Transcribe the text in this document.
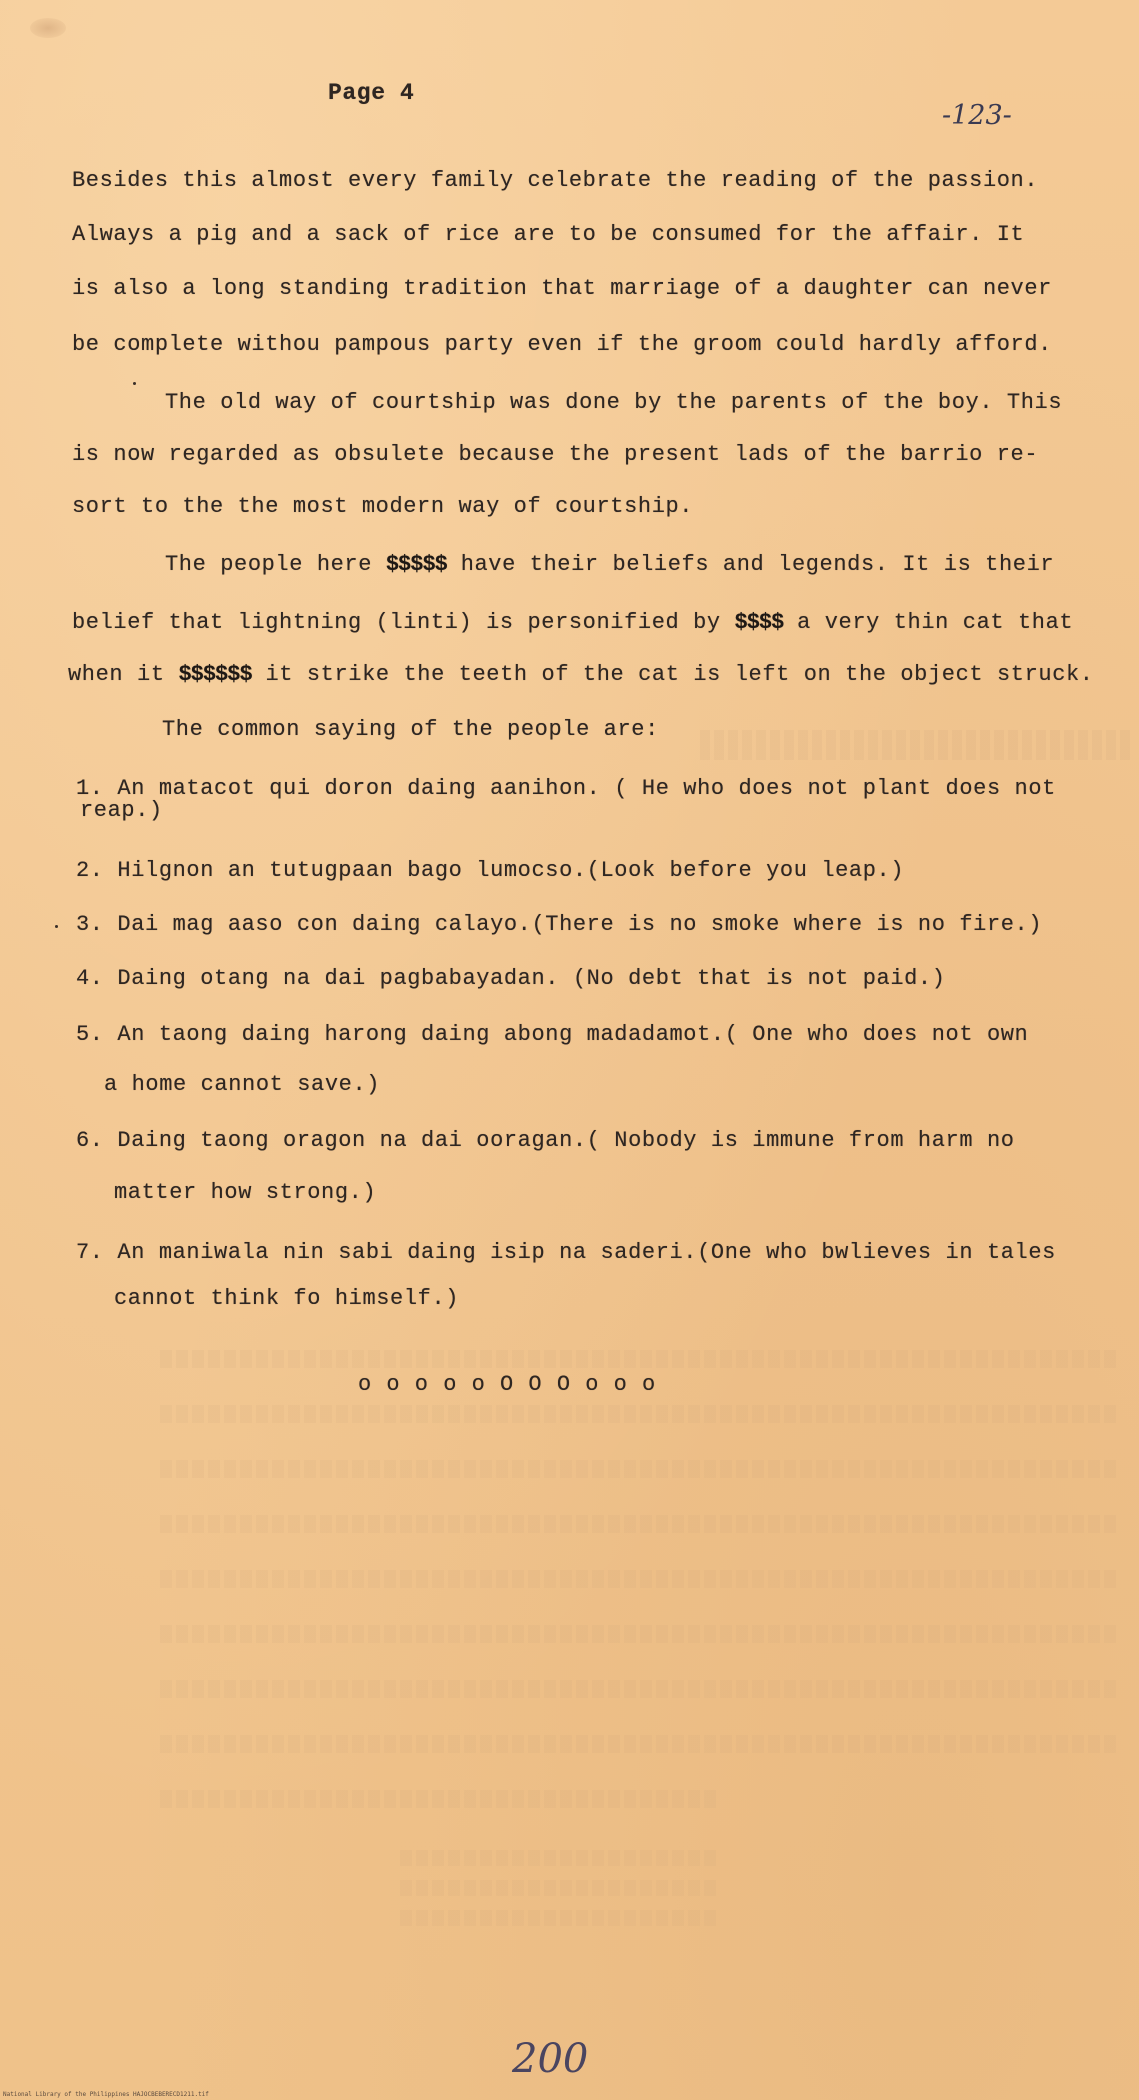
Page 4
-123-
Besides this almost every family celebrate the reading of the passion.
Always a pig and a sack of rice are to be consumed for the affair. It
is also a long standing tradition that marriage of a daughter can never
be complete withou pampous party even if the groom could hardly afford.
The old way of courtship was done by the parents of the boy. This
is now regarded as obsulete because the present lads of the barrio re-
sort to the the most modern way of courtship.
The people here $$$$$ have their beliefs and legends. It is their
belief that lightning (linti) is personified by $$$$ a very thin cat that
when it $$$$$$ it strike the teeth of the cat is left on the object struck.
The common saying of the people are:
1. An matacot qui doron daing aanihon. ( He who does not plant does not
reap.)
2. Hilgnon an tutugpaan bago lumocso.(Look before you leap.)
3. Dai mag aaso con daing calayo.(There is no smoke where is no fire.)
4. Daing otang na dai pagbabayadan. (No debt that is not paid.)
5. An taong daing harong daing abong madadamot.( One who does not own
a home cannot save.)
6. Daing taong oragon na dai ooragan.( Nobody is immune from harm no
matter how strong.)
7. An maniwala nin sabi daing isip na saderi.(One who bwlieves in tales
cannot think fo himself.)
o o o o o O O O o o o
200
National Library of the Philippines HAJOCBEBERECD1211.tif
